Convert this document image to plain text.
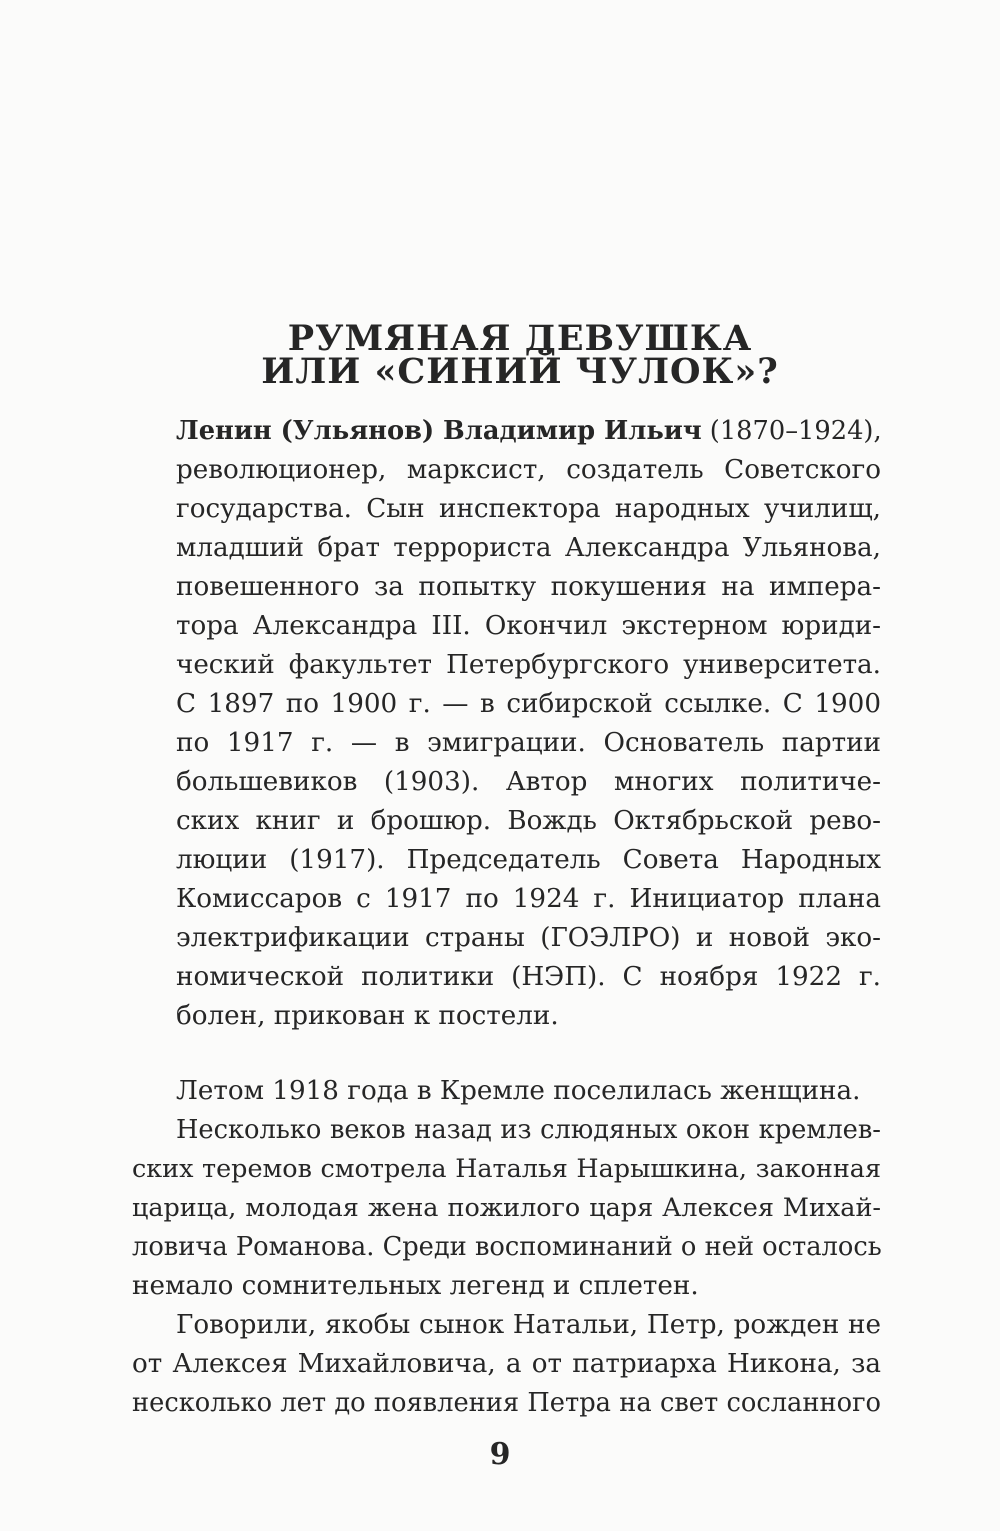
РУМЯНАЯ ДЕВУШКА
ИЛИ «СИНИЙ ЧУЛОК»?

Ленин (Ульянов) Владимир Ильич (1870–1924),

революционер, марксист, создатель Советского

государства. Сын инспектора народных училищ,

младший брат террориста Александра Ульянова,

повешенного за попытку покушения на импера-

тора Александра III. Окончил экстерном юриди-

ческий факультет Петербургского университета.

С 1897 по 1900 г. — в сибирской ссылке. С 1900

по 1917 г. — в эмиграции. Основатель партии

большевиков (1903). Автор многих политиче-

ских книг и брошюр. Вождь Октябрьской рево-

люции (1917). Председатель Совета Народных

Комиссаров с 1917 по 1924 г. Инициатор плана

электрификации страны (ГОЭЛРО) и новой эко-

номической политики (НЭП). С ноября 1922 г.

болен, прикован к постели.

Летом 1918 года в Кремле поселилась женщина.

Несколько веков назад из слюдяных окон кремлев-

ских теремов смотрела Наталья Нарышкина, законная

царица, молодая жена пожилого царя Алексея Михай-

ловича Романова. Среди воспоминаний о ней осталось

немало сомнительных легенд и сплетен.

Говорили, якобы сынок Натальи, Петр, рожден не

от Алексея Михайловича, а от патриарха Никона, за

несколько лет до появления Петра на свет сосланного

9
